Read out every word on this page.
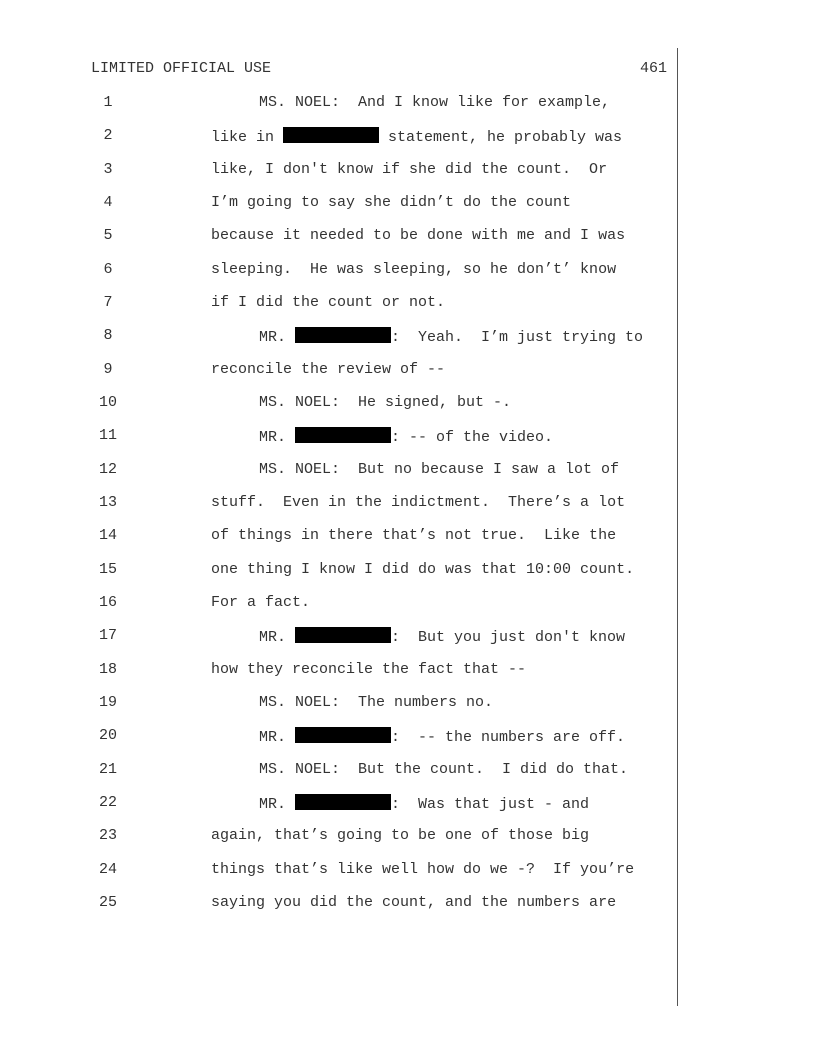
LIMITED OFFICIAL USE	461
1	MS. NOEL:  And I know like for example,
2	like in	statement, he probably was
3	like, I don't know if she did the count.  Or
4	I’m going to say she didn’t do the count
5	because it needed to be done with me and I was
6	sleeping.  He was sleeping, so he don’t’ know
7	if I did the count or not.
8	MR.	:  Yeah.  I’m just trying to
9	reconcile the review of --
10	MS. NOEL:  He signed, but -.
11	MR.	: -- of the video.
12	MS. NOEL:  But no because I saw a lot of
13	stuff.  Even in the indictment.  There’s a lot
14	of things in there that’s not true.  Like the
15	one thing I know I did do was that 10:00 count.
16	For a fact.
17	MR.	:  But you just don't know
18	how they reconcile the fact that --
19	MS. NOEL:  The numbers no.
20	MR.	:  -- the numbers are off.
21	MS. NOEL:  But the count.  I did do that.
22	MR.	:  Was that just - and
23	again, that’s going to be one of those big
24	things that’s like well how do we -?  If you’re
25	saying you did the count, and the numbers are
